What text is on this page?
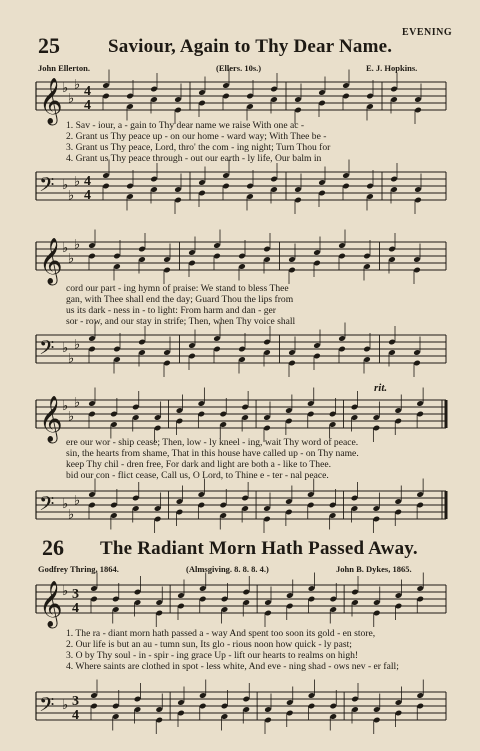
EVENING
25	Saviour, Again to Thy Dear Name.
John Ellerton.	(Ellers. 10s.)	E. J. Hopkins.
𝄞 ♭
♭
♭ 4
4
1. Sav - iour, a - gain to Thy dear name we raise With one ac -
2. Grant us Thy peace up - on our home - ward way; With Thee be -
3. Grant us Thy peace, Lord, thro' the com - ing night; Turn Thou for
4. Grant us Thy peace through - out our earth - ly life, Our balm in
𝄢 ♭
♭
♭ 4
4
𝄞 ♭
♭
♭
cord our part - ing hymn of praise: We stand to bless Thee
gan, with Thee shall end the day; Guard Thou the lips from
us its dark - ness in - to light: From harm and dan - ger
sor - row, and our stay in strife; Then, when Thy voice shall
𝄢 ♭
♭
♭
rit.
𝄞 ♭
♭
♭
ere our wor - ship cease; Then, low - ly kneel - ing, wait Thy word of peace.
sin, the hearts from shame, That in this house have called up - on Thy name.
keep Thy chil - dren free, For dark and light are both a - like to Thee.
bid our con - flict cease, Call us, O Lord, to Thine e - ter - nal peace.
𝄢 ♭
♭
♭
26 The Radiant Morn Hath Passed Away.
Godfrey Thring, 1864.	(Almsgiving. 8. 8. 8. 4.)	John B. Dykes, 1865.
𝄞 ♭ 3
4
1. The ra - diant morn hath passed a - way And spent too soon its gold - en store,
2. Our life is but an au - tumn sun, Its glo - rious noon how quick - ly past;
3. O by Thy soul - in - spir - ing grace Up - lift our hearts to realms on high!
4. Where saints are clothed in spot - less white, And eve - ning shad - ows nev - er fall;
𝄢 ♭ 3
4
